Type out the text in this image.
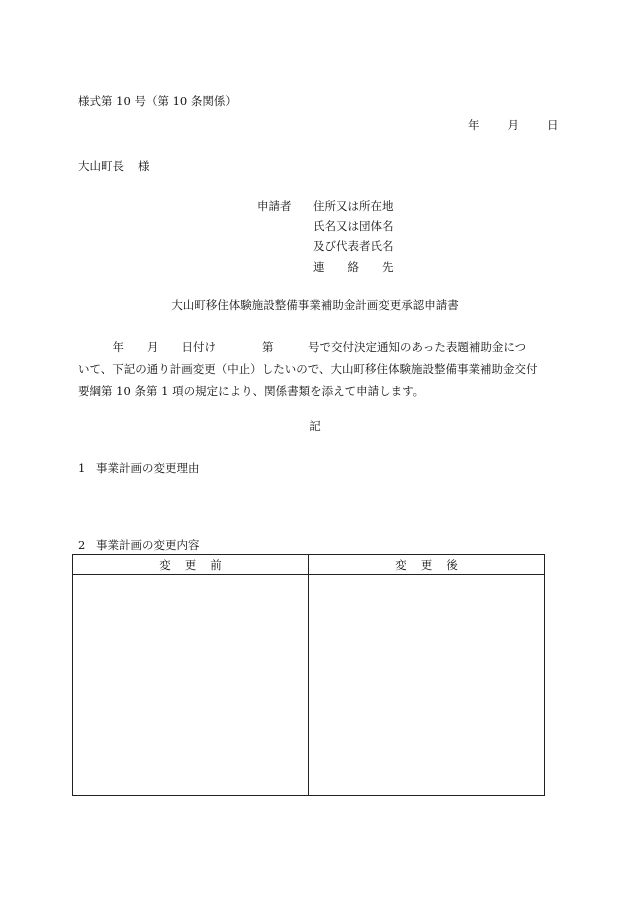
様式第 10 号（第 10 条関係）
年 月 日
大山町長 様
申請者 住所又は所在地
氏名又は団体名
及び代表者氏名
連 絡 先
大山町移住体験施設整備事業補助金計画変更承認申請書

　　　年　　月　　日付け　　　　第　　　号で交付決定通知のあった表題補助金につ

いて、下記の通り計画変更（中止）したいので、大山町移住体験施設整備事業補助金交付

要綱第 10 条第 1 項の規定により、関係書類を添えて申請します。

記
1 事業計画の変更理由
2 事業計画の変更内容
変 更 前	変 更 後
